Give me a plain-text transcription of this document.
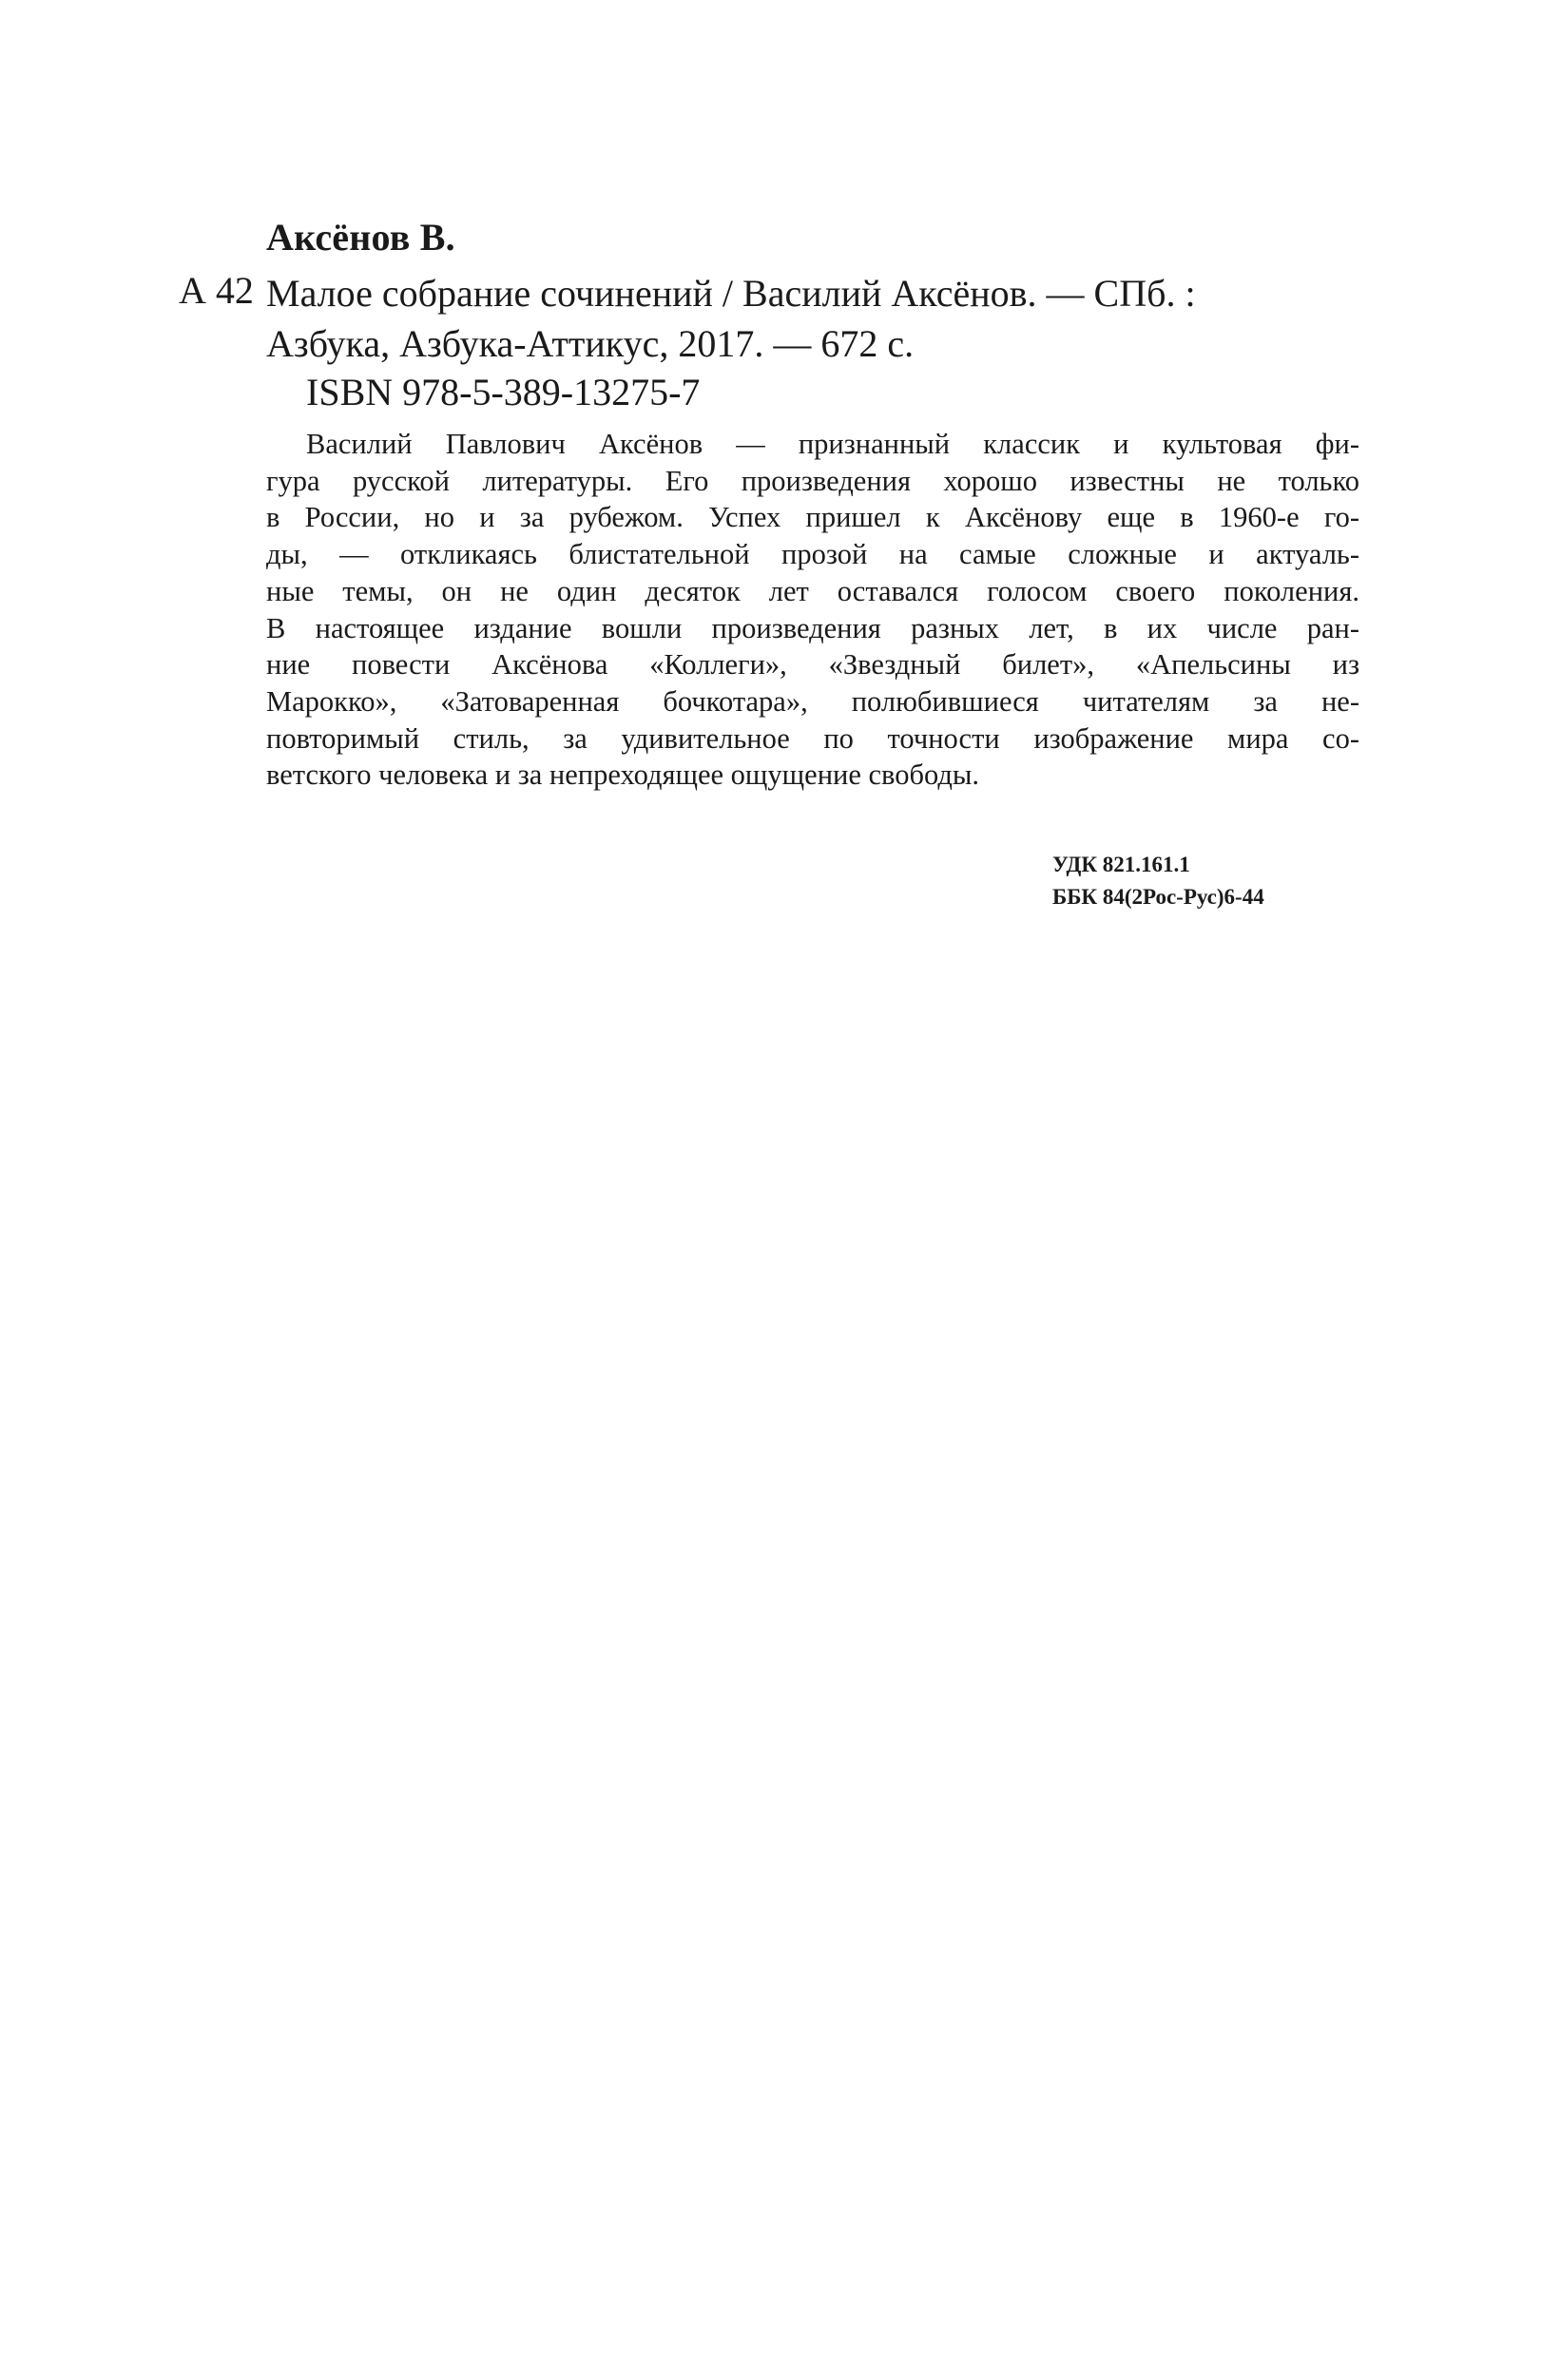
Аксёнов В.
А 42 Малое собрание сочинений / Василий Аксёнов. — СПб. :
Азбука, Азбука-Аттикус, 2017. — 672 с.
ISBN 978-5-389-13275-7
Василий Павлович Аксёнов — признанный классик и культовая фи-
гура русской литературы. Его произведения хорошо известны не только
в России, но и за рубежом. Успех пришел к Аксёнову еще в 1960-е го-
ды, — откликаясь блистательной прозой на самые сложные и актуаль-
ные темы, он не один десяток лет оставался голосом своего поколения.
В настоящее издание вошли произведения разных лет, в их числе ран-
ние повести Аксёнова «Коллеги», «Звездный билет», «Апельсины из
Марокко», «Затоваренная бочкотара», полюбившиеся читателям за не-
повторимый стиль, за удивительное по точности изображение мира со-
ветского человека и за непреходящее ощущение свободы.
УДК 821.161.1
ББК 84(2Рос-Рус)6-44
